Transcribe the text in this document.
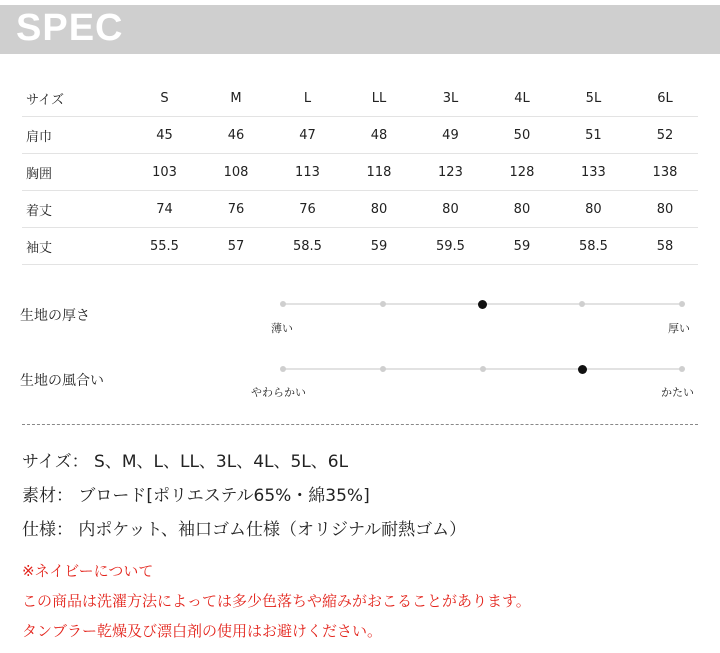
SPEC
サイズ	S	M	L	LL	3L	4L	5L	6L
肩巾	45	46	47	48	49	50	51	52
胸囲	103	108	113	118	123	128	133	138
着丈	74	76	76	80	80	80	80	80
袖丈	55.5	57	58.5	59	59.5	59	58.5	58
生地の厚さ
薄い	厚い
生地の風合い
やわらかい	かたい
サイズ： S、M、L、LL、3L、4L、5L、6L
素材： ブロード[ポリエステル65%・綿35%]
仕様： 内ポケット、袖口ゴム仕様（オリジナル耐熱ゴム）
※ネイビーについて
この商品は洗濯方法によっては多少色落ちや縮みがおこることがあります。
タンブラー乾燥及び漂白剤の使用はお避けください。
